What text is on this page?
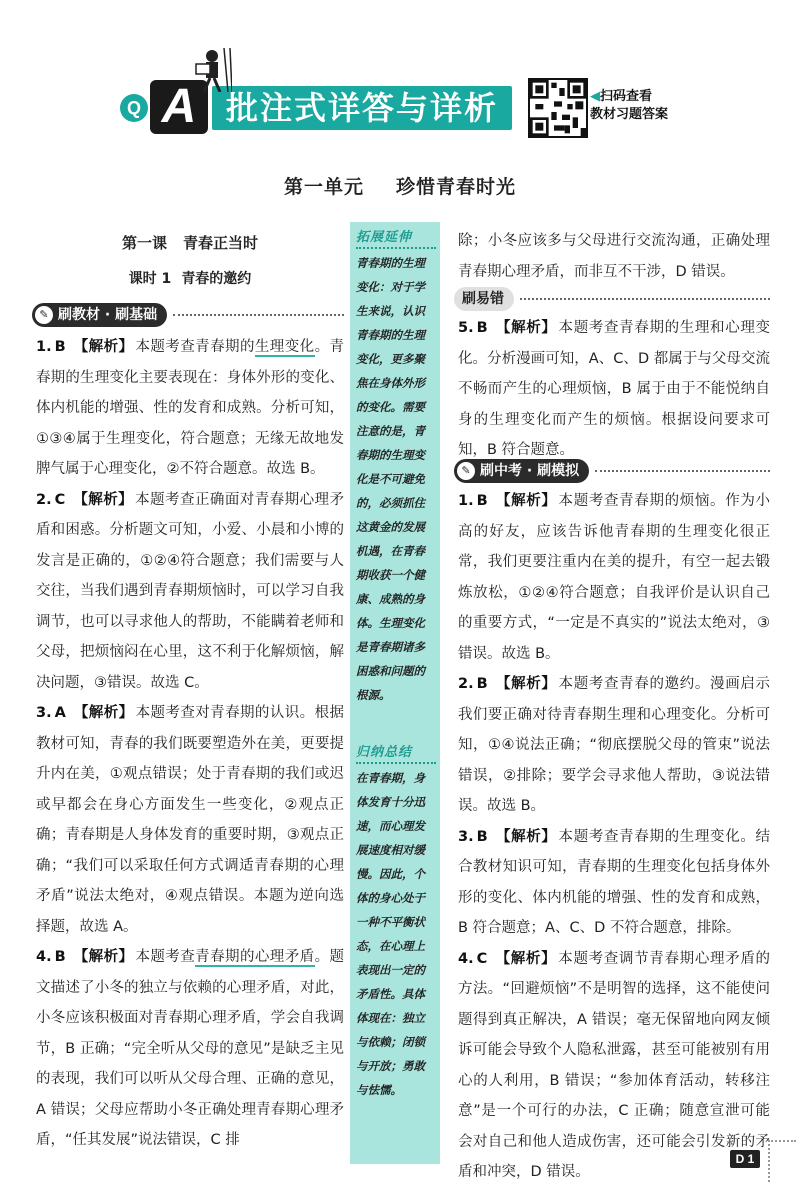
Q A 批注式详答与详析	◀扫码查看
教材习题答案
第一单元 珍惜青春时光
第一课 青春正当时
课时 1 青春的邀约
✎ 刷教材 · 刷基础

1. B 【解析】 本题考查青春期的生理变化。青春期的生理变化主要表现在：身体外形的变化、体内机能的增强、性的发育和成熟。分析可知，①③④属于生理变化，符合题意；无缘无故地发脾气属于心理变化，②不符合题意。故选 B。

2. C 【解析】 本题考查正确面对青春期心理矛盾和困惑。分析题文可知，小爱、小晨和小博的发言是正确的，①②④符合题意；我们需要与人交往，当我们遇到青春期烦恼时，可以学习自我调节，也可以寻求他人的帮助，不能瞒着老师和父母，把烦恼闷在心里，这不利于化解烦恼，解决问题，③错误。故选 C。

3. A 【解析】 本题考查对青春期的认识。根据教材可知，青春的我们既要塑造外在美，更要提升内在美，①观点错误；处于青春期的我们或迟或早都会在身心方面发生一些变化，②观点正确；青春期是人身体发育的重要时期，③观点正确；“我们可以采取任何方式调适青春期的心理矛盾”说法太绝对，④观点错误。本题为逆向选择题，故选 A。

4. B 【解析】 本题考查青春期的心理矛盾。题文描述了小冬的独立与依赖的心理矛盾，对此，小冬应该积极面对青春期心理矛盾，学会自我调节，B 正确；“完全听从父母的意见”是缺乏主见的表现，我们可以听从父母合理、正确的意见，A 错误；父母应帮助小冬正确处理青春期心理矛盾，“任其发展”说法错误，C 排

拓展延伸
青春期的生理变化：对于学生来说，认识青春期的生理变化，更多聚焦在身体外形的变化。需要注意的是，青春期的生理变化是不可避免的，必须抓住这黄金的发展机遇，在青春期收获一个健康、成熟的身体。生理变化是青春期诸多困惑和问题的根源。
归纳总结
在青春期，身体发育十分迅速，而心理发展速度相对缓慢。因此，个体的身心处于一种不平衡状态，在心理上表现出一定的矛盾性。具体体现在：独立与依赖；闭锁与开放；勇敢与怯懦。
除；小冬应该多与父母进行交流沟通，正确处理青春期心理矛盾，而非互不干涉，D 错误。
刷易错

5. B 【解析】 本题考查青春期的生理和心理变化。分析漫画可知，A、C、D 都属于与父母交流不畅而产生的心理烦恼，B 属于由于不能悦纳自身的生理变化而产生的烦恼。根据设问要求可知，B 符合题意。

✎ 刷中考 · 刷模拟

1. B 【解析】 本题考查青春期的烦恼。作为小高的好友，应该告诉他青春期的生理变化很正常，我们更要注重内在美的提升，有空一起去锻炼放松，①②④符合题意；自我评价是认识自己的重要方式，“一定是不真实的”说法太绝对，③错误。故选 B。

2. B 【解析】 本题考查青春的邀约。漫画启示我们要正确对待青春期生理和心理变化。分析可知，①④说法正确；“彻底摆脱父母的管束”说法错误，②排除；要学会寻求他人帮助，③说法错误。故选 B。

3. B 【解析】 本题考查青春期的生理变化。结合教材知识可知，青春期的生理变化包括身体外形的变化、体内机能的增强、性的发育和成熟，B 符合题意；A、C、D 不符合题意，排除。

4. C 【解析】 本题考查调节青春期心理矛盾的方法。“回避烦恼”不是明智的选择，这不能使问题得到真正解决，A 错误；毫无保留地向网友倾诉可能会导致个人隐私泄露，甚至可能被别有用心的人利用，B 错误；“参加体育活动，转移注意”是一个可行的办法，C 正确；随意宣泄可能会对自己和他人造成伤害，还可能会引发新的矛盾和冲突，D 错误。

D 1
